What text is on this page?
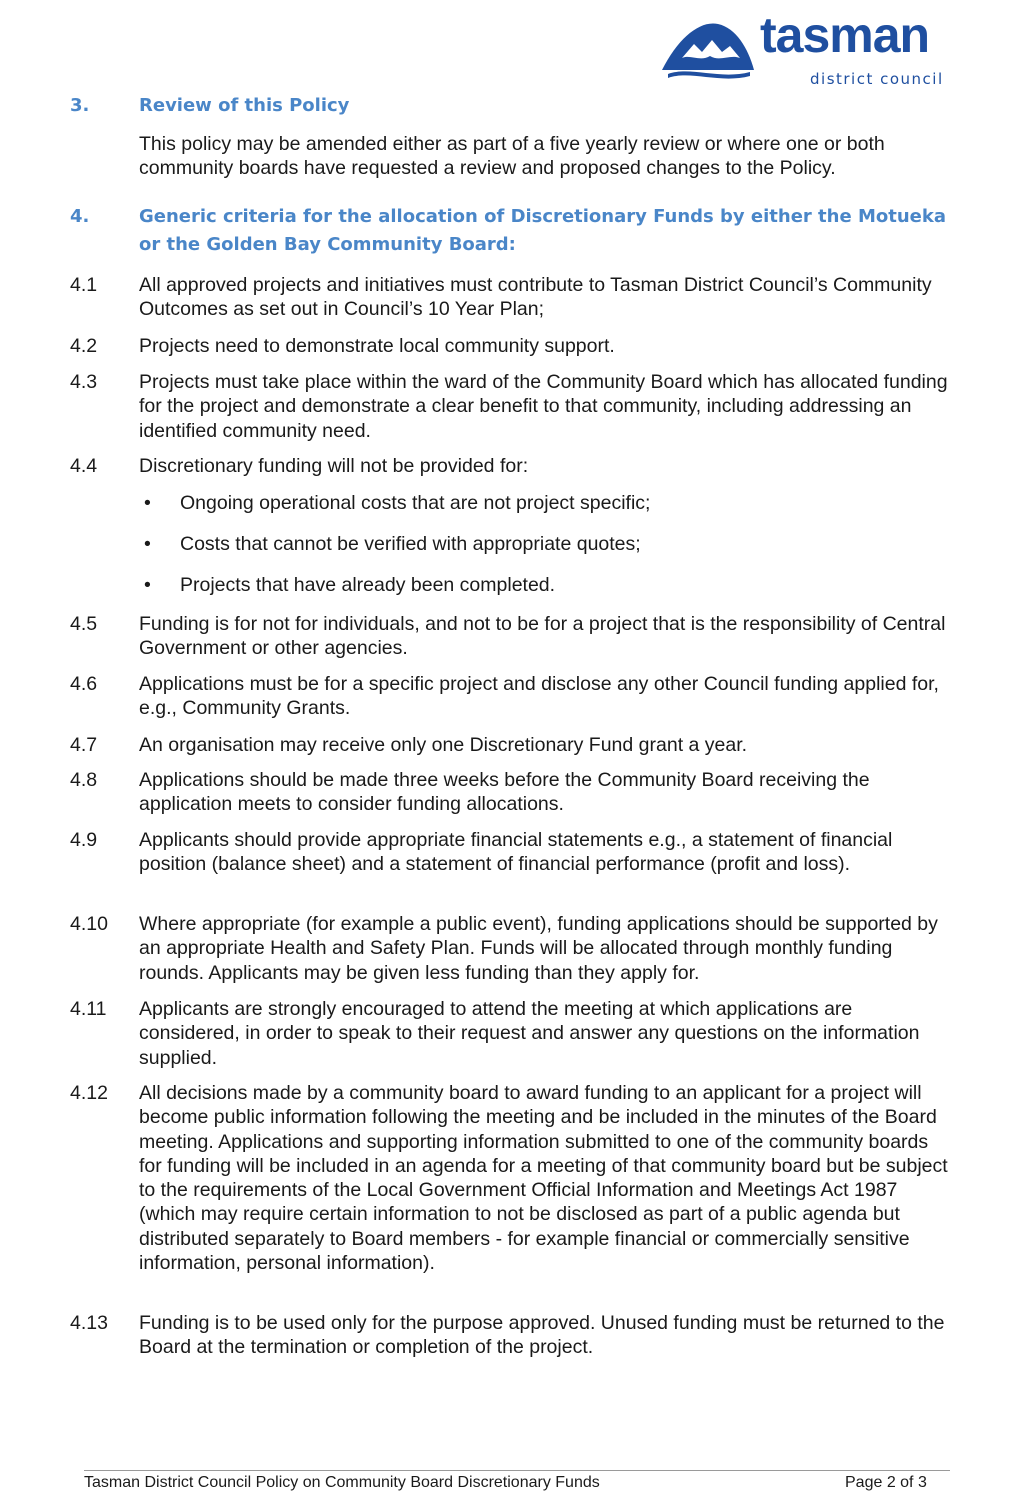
tasman
district council
3.	Review of this Policy
This policy may be amended either as part of a five yearly review or where one or both community boards have requested a review and proposed changes to the Policy.
4.	Generic criteria for the allocation of Discretionary Funds by either the Motueka or the Golden Bay Community Board:
4.1 All approved projects and initiatives must contribute to Tasman District Council’s Community Outcomes as set out in Council’s 10 Year Plan;
4.2 Projects need to demonstrate local community support.
4.3 Projects must take place within the ward of the Community Board which has allocated funding for the project and demonstrate a clear benefit to that community, including addressing an identified community need.
4.4 Discretionary funding will not be provided for:
• Ongoing operational costs that are not project specific;
• Costs that cannot be verified with appropriate quotes;
• Projects that have already been completed.
4.5 Funding is for not for individuals, and not to be for a project that is the responsibility of Central Government or other agencies.
4.6 Applications must be for a specific project and disclose any other Council funding applied for, e.g., Community Grants.
4.7 An organisation may receive only one Discretionary Fund grant a year.
4.8 Applications should be made three weeks before the Community Board receiving the application meets to consider funding allocations.
4.9 Applicants should provide appropriate financial statements e.g., a statement of financial position (balance sheet) and a statement of financial performance (profit and loss).
4.10 Where appropriate (for example a public event), funding applications should be supported by an appropriate Health and Safety Plan. Funds will be allocated through monthly funding rounds. Applicants may be given less funding than they apply for.
4.11 Applicants are strongly encouraged to attend the meeting at which applications are considered, in order to speak to their request and answer any questions on the information supplied.
4.12 All decisions made by a community board to award funding to an applicant for a project will become public information following the meeting and be included in the minutes of the Board meeting. Applications and supporting information submitted to one of the community boards for funding will be included in an agenda for a meeting of that community board but be subject to the requirements of the Local Government Official Information and Meetings Act 1987 (which may require certain information to not be disclosed as part of a public agenda but distributed separately to Board members - for example financial or commercially sensitive information, personal information).
4.13 Funding is to be used only for the purpose approved. Unused funding must be returned to the Board at the termination or completion of the project.
Tasman District Council Policy on Community Board Discretionary Funds	Page 2 of 3
